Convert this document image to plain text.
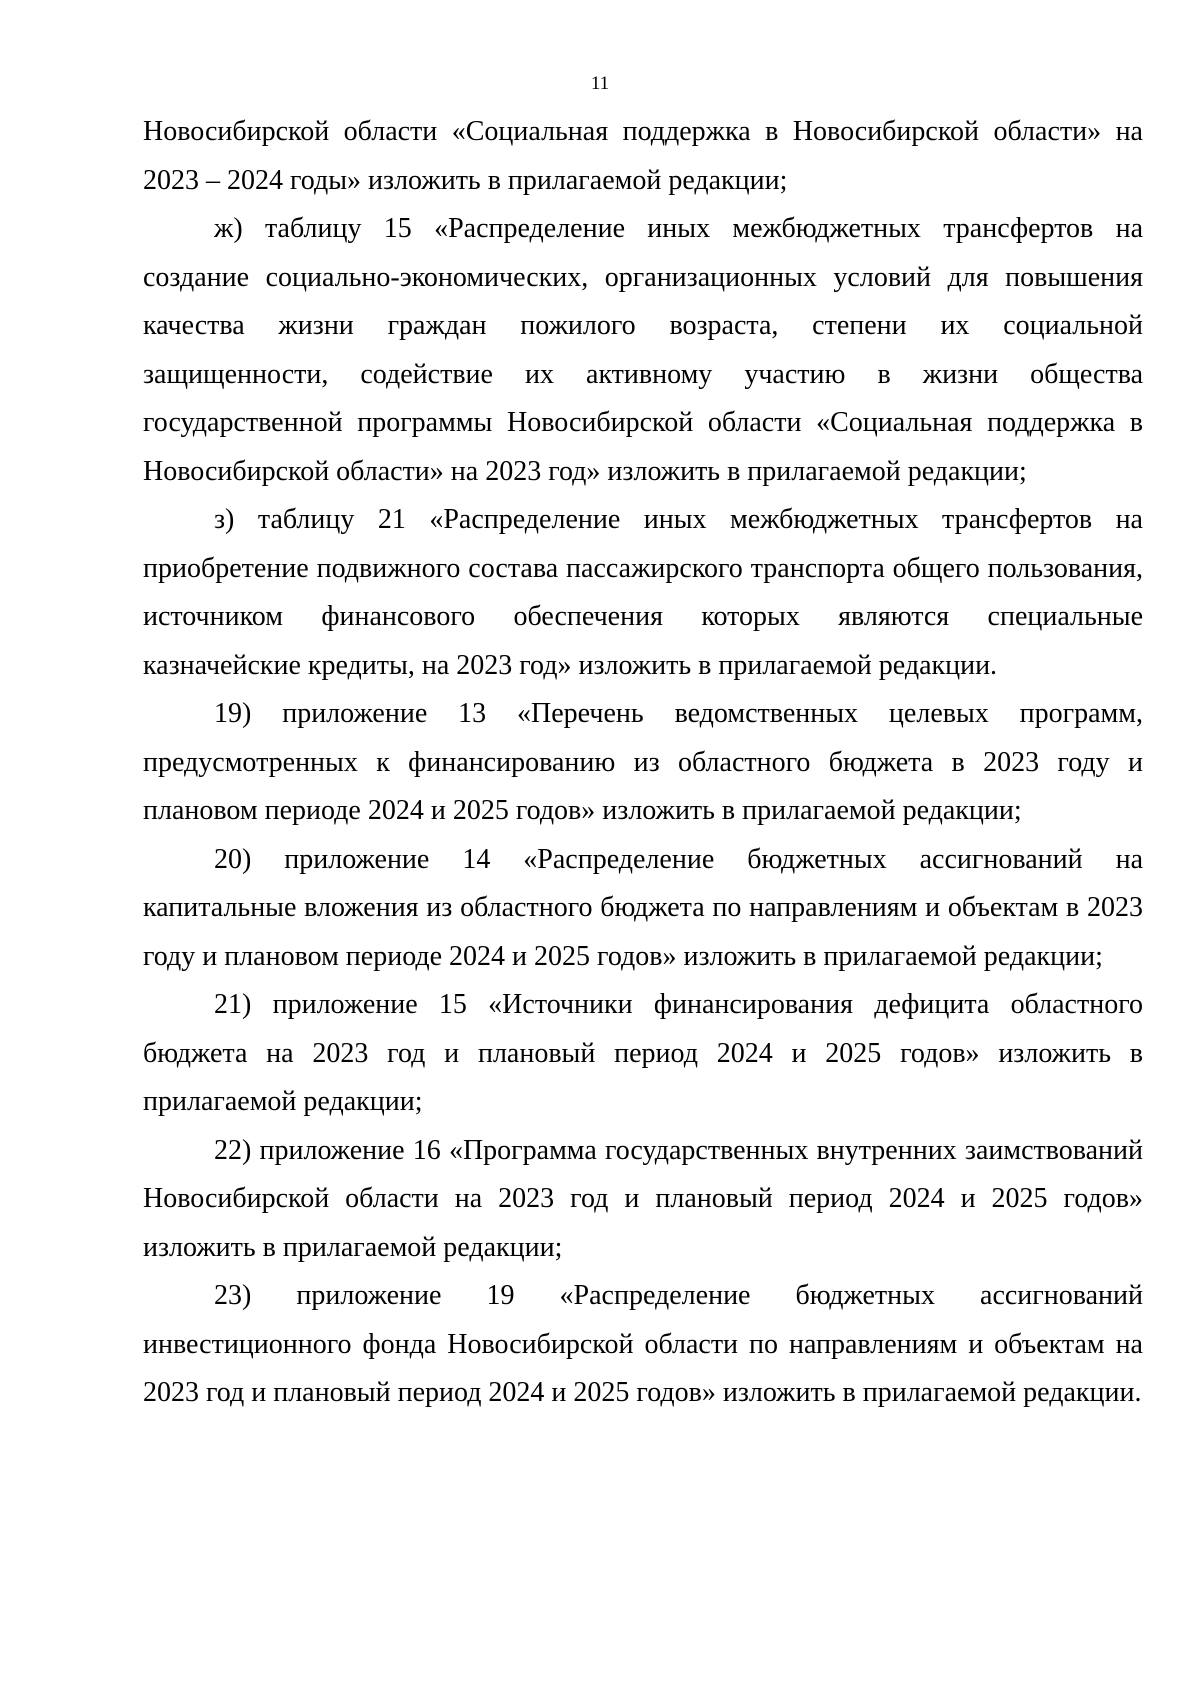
11

Новосибирской области «Социальная поддержка в Новосибирской области» на 2023 – 2024 годы» изложить в прилагаемой редакции;

ж) таблицу 15 «Распределение иных межбюджетных трансфертов на создание социально-экономических, организационных условий для повышения качества жизни граждан пожилого возраста, степени их социальной защищенности, содействие их активному участию в жизни общества государственной программы Новосибирской области «Социальная поддержка в Новосибирской области» на 2023 год» изложить в прилагаемой редакции;

з) таблицу 21 «Распределение иных межбюджетных трансфертов на приобретение подвижного состава пассажирского транспорта общего пользования, источником финансового обеспечения которых являются специальные казначейские кредиты, на 2023 год» изложить в прилагаемой редакции.

19) приложение 13 «Перечень ведомственных целевых программ, предусмотренных к финансированию из областного бюджета в 2023 году и плановом периоде 2024 и 2025 годов» изложить в прилагаемой редакции;

20) приложение 14 «Распределение бюджетных ассигнований на капитальные вложения из областного бюджета по направлениям и объектам в 2023 году и плановом периоде 2024 и 2025 годов» изложить в прилагаемой редакции;

21) приложение 15 «Источники финансирования дефицита областного бюджета на 2023 год и плановый период 2024 и 2025 годов» изложить в прилагаемой редакции;

22) приложение 16 «Программа государственных внутренних заимствований Новосибирской области на 2023 год и плановый период 2024 и 2025 годов» изложить в прилагаемой редакции;

23) приложение 19 «Распределение бюджетных ассигнований инвестиционного фонда Новосибирской области по направлениям и объектам на 2023 год и плановый период 2024 и 2025 годов» изложить в прилагаемой редакции.
